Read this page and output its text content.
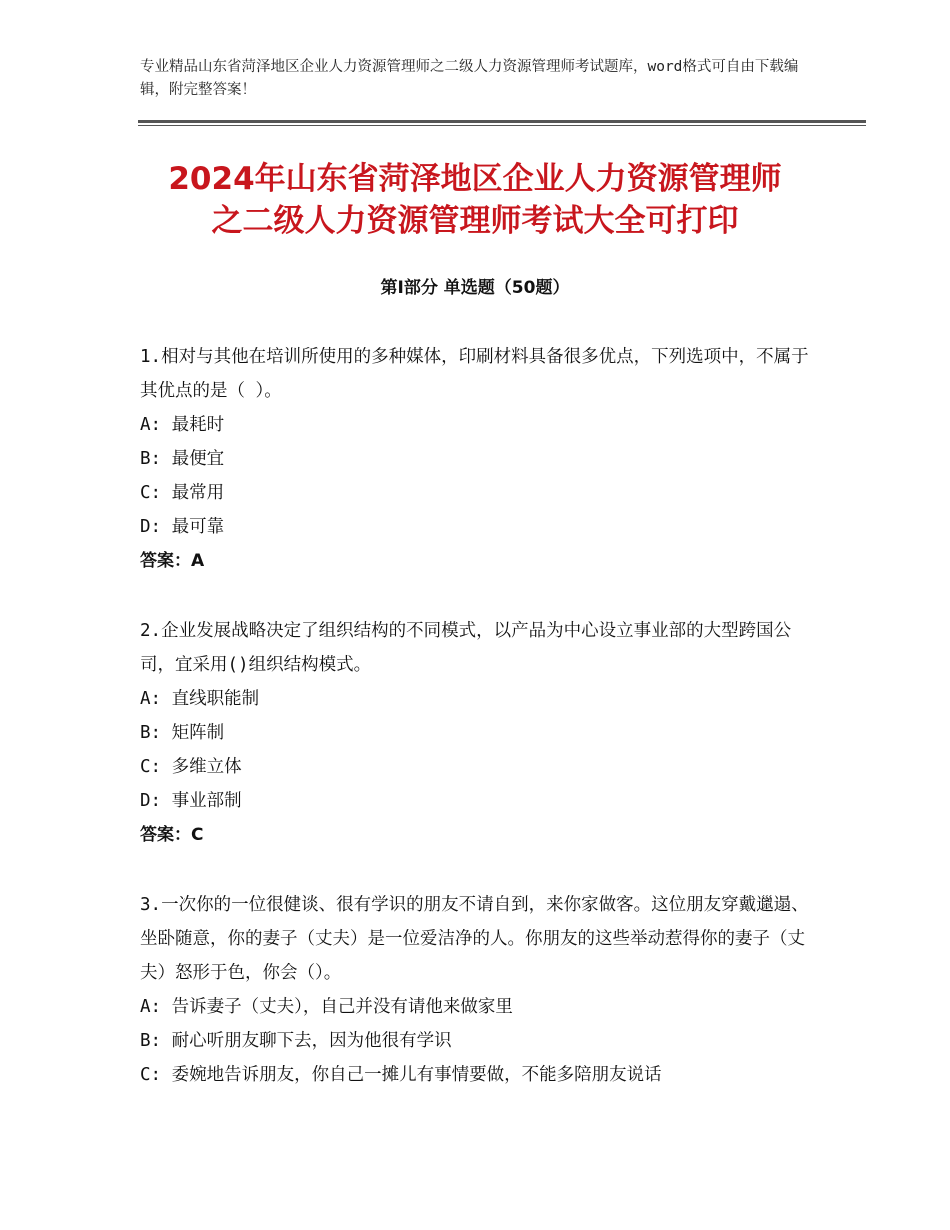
专业精品山东省菏泽地区企业人力资源管理师之二级人力资源管理师考试题库，word格式可自由下载编辑，附完整答案！
2024年山东省菏泽地区企业人力资源管理师
之二级人力资源管理师考试大全可打印
第Ⅰ部分 单选题（50题）
1.相对与其他在培训所使用的多种媒体，印刷材料具备很多优点，下列选项中，不属于其优点的是（ ）。
A: 最耗时
B: 最便宜
C: 最常用
D: 最可靠
答案：A
2.企业发展战略决定了组织结构的不同模式，以产品为中心设立事业部的大型跨国公司，宜采用()组织结构模式。
A: 直线职能制
B: 矩阵制
C: 多维立体
D: 事业部制
答案：C
3.一次你的一位很健谈、很有学识的朋友不请自到，来你家做客。这位朋友穿戴邋遢、坐卧随意，你的妻子（丈夫）是一位爱洁净的人。你朋友的这些举动惹得你的妻子（丈夫）怒形于色，你会（）。
A: 告诉妻子（丈夫），自己并没有请他来做家里
B: 耐心听朋友聊下去，因为他很有学识
C: 委婉地告诉朋友，你自己一摊儿有事情要做，不能多陪朋友说话
